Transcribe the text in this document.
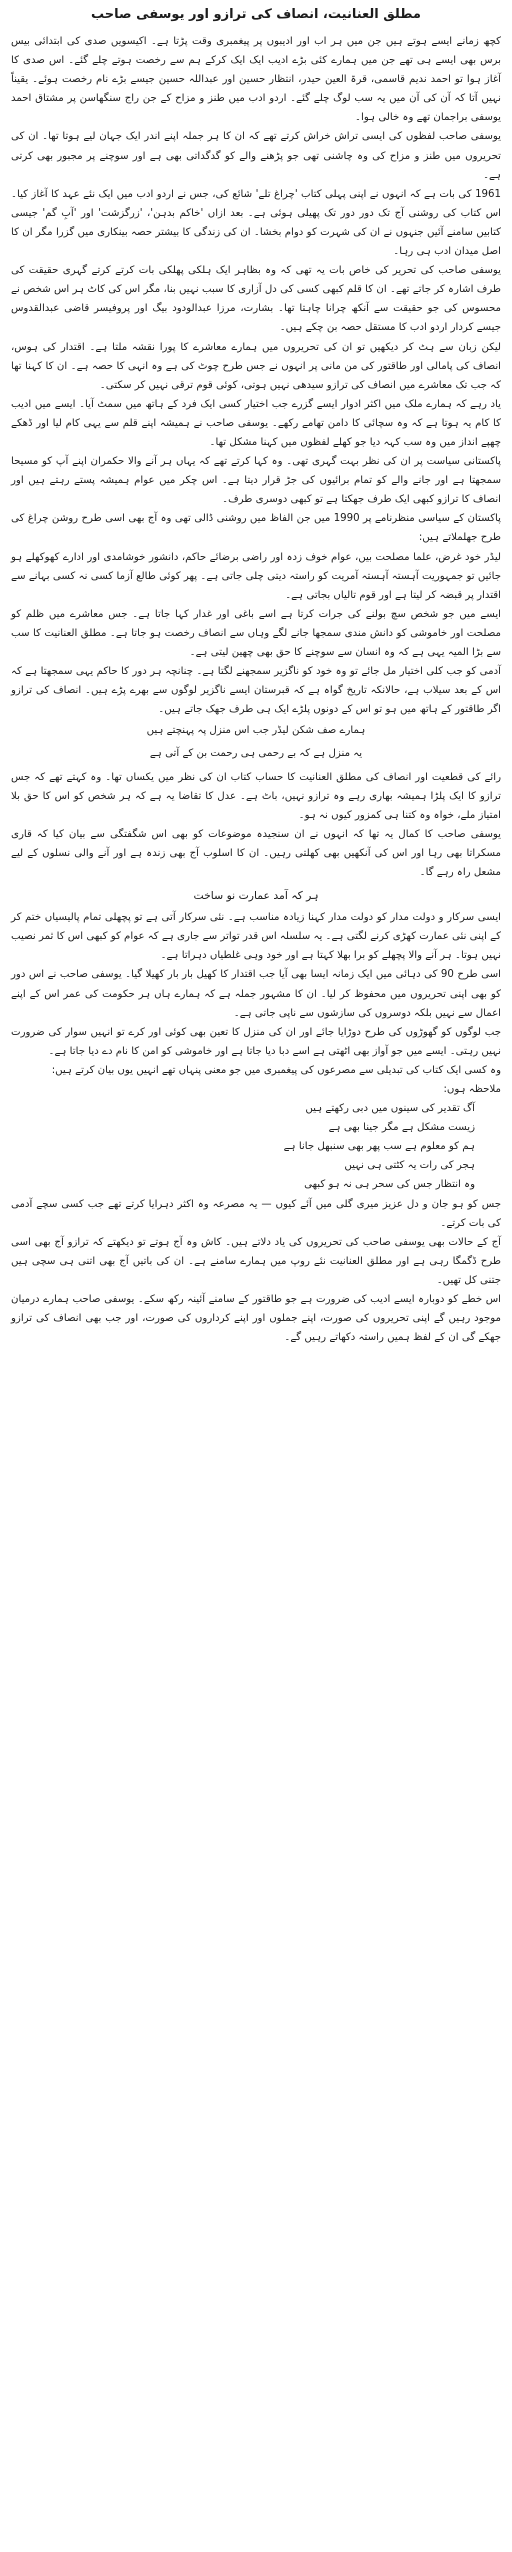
مطلق العنانیت، انصاف کی ترازو اور یوسفی صاحب

کچھ زمانے ایسے ہوتے ہیں جن میں ہر اب اور ادیبوں پر پیغمبری وقت پڑتا ہے۔ اکیسویں صدی کی ابتدائی بیس برس بھی ایسے ہی تھے جن میں ہمارے کئی بڑے ادیب ایک ایک کرکے ہم سے رخصت ہوتے چلے گئے۔ اس صدی کا آغاز ہوا تو احمد ندیم قاسمی، قرۃ العین حیدر، انتظار حسین اور عبداللہ حسین جیسے بڑے نام رخصت ہوئے۔ یقیناً نہیں آتا کہ آن کی آن میں یہ سب لوگ چلے گئے۔ اردو ادب میں طنز و مزاح کے جن راج سنگھاسن پر مشتاق احمد یوسفی براجمان تھے وہ خالی ہوا۔

یوسفی صاحب لفظوں کی ایسی تراش خراش کرتے تھے کہ ان کا ہر جملہ اپنے اندر ایک جہان لیے ہوتا تھا۔ ان کی تحریروں میں طنز و مزاح کی وہ چاشنی تھی جو پڑھنے والے کو گدگداتی بھی ہے اور سوچنے پر مجبور بھی کرتی ہے۔

1961 کی بات ہے کہ انہوں نے اپنی پہلی کتاب 'چراغ تلے' شائع کی، جس نے اردو ادب میں ایک نئے عہد کا آغاز کیا۔ اس کتاب کی روشنی آج تک دور دور تک پھیلی ہوئی ہے۔ بعد ازاں 'خاکم بدہن'، 'زرگزشت' اور 'آبِ گم' جیسی کتابیں سامنے آئیں جنہوں نے ان کی شہرت کو دوام بخشا۔ ان کی زندگی کا بیشتر حصہ بینکاری میں گزرا مگر ان کا اصل میدان ادب ہی رہا۔

یوسفی صاحب کی تحریر کی خاص بات یہ تھی کہ وہ بظاہر ایک ہلکی پھلکی بات کرتے کرتے گہری حقیقت کی طرف اشارہ کر جاتے تھے۔ ان کا قلم کبھی کسی کی دل آزاری کا سبب نہیں بنا، مگر اس کی کاٹ ہر اس شخص نے محسوس کی جو حقیقت سے آنکھ چرانا چاہتا تھا۔ بشارت، مرزا عبدالودود بیگ اور پروفیسر قاضی عبدالقدوس جیسے کردار اردو ادب کا مستقل حصہ بن چکے ہیں۔

لیکن زبان سے ہٹ کر دیکھیں تو ان کی تحریروں میں ہمارے معاشرے کا پورا نقشہ ملتا ہے۔ اقتدار کی ہوس، انصاف کی پامالی اور طاقتور کی من مانی پر انہوں نے جس طرح چوٹ کی ہے وہ انہی کا حصہ ہے۔ ان کا کہنا تھا کہ جب تک معاشرے میں انصاف کی ترازو سیدھی نہیں ہوتی، کوئی قوم ترقی نہیں کر سکتی۔

یاد رہے کہ ہمارے ملک میں اکثر ادوار ایسے گزرے جب اختیار کسی ایک فرد کے ہاتھ میں سمٹ آیا۔ ایسے میں ادیب کا کام یہ ہوتا ہے کہ وہ سچائی کا دامن تھامے رکھے۔ یوسفی صاحب نے ہمیشہ اپنے قلم سے یہی کام لیا اور ڈھکے چھپے انداز میں وہ سب کہہ دیا جو کھلے لفظوں میں کہنا مشکل تھا۔

پاکستانی سیاست پر ان کی نظر بہت گہری تھی۔ وہ کہا کرتے تھے کہ یہاں ہر آنے والا حکمران اپنے آپ کو مسیحا سمجھتا ہے اور جانے والے کو تمام برائیوں کی جڑ قرار دیتا ہے۔ اس چکر میں عوام ہمیشہ پستے رہتے ہیں اور انصاف کا ترازو کبھی ایک طرف جھکتا ہے تو کبھی دوسری طرف۔

پاکستان کے سیاسی منظرنامے پر 1990 میں جن الفاظ میں روشنی ڈالی تھی وہ آج بھی اسی طرح روشن چراغ کی طرح جھلملاتے ہیں:

لیڈر خود غرض، علما مصلحت بیں، عوام خوف زدہ اور راضی برضائے حاکم، دانشور خوشامدی اور ادارے کھوکھلے ہو جائیں تو جمہوریت آہستہ آہستہ آمریت کو راستہ دیتی چلی جاتی ہے۔ پھر کوئی طالع آزما کسی نہ کسی بہانے سے اقتدار پر قبضہ کر لیتا ہے اور قوم تالیاں بجاتی ہے۔

ایسے میں جو شخص سچ بولنے کی جرات کرتا ہے اسے باغی اور غدار کہا جاتا ہے۔ جس معاشرے میں ظلم کو مصلحت اور خاموشی کو دانش مندی سمجھا جانے لگے وہاں سے انصاف رخصت ہو جاتا ہے۔ مطلق العنانیت کا سب سے بڑا المیہ یہی ہے کہ وہ انسان سے سوچنے کا حق بھی چھین لیتی ہے۔

آدمی کو جب کلی اختیار مل جائے تو وہ خود کو ناگزیر سمجھنے لگتا ہے۔ چنانچہ ہر دور کا حاکم یہی سمجھتا ہے کہ اس کے بعد سیلاب ہے، حالانکہ تاریخ گواہ ہے کہ قبرستان ایسے ناگزیر لوگوں سے بھرے پڑے ہیں۔ انصاف کی ترازو اگر طاقتور کے ہاتھ میں ہو تو اس کے دونوں پلڑے ایک ہی طرف جھک جاتے ہیں۔

ہمارے صف شکن لیڈر جب اس منزل پہ پہنچتے ہیں
یہ منزل ہے کہ بے رحمی ہی رحمت بن کے آتی ہے

رائے کی قطعیت اور انصاف کی مطلق العنانیت کا حساب کتاب ان کی نظر میں یکساں تھا۔ وہ کہتے تھے کہ جس ترازو کا ایک پلڑا ہمیشہ بھاری رہے وہ ترازو نہیں، باٹ ہے۔ عدل کا تقاضا یہ ہے کہ ہر شخص کو اس کا حق بلا امتیاز ملے، خواہ وہ کتنا ہی کمزور کیوں نہ ہو۔

یوسفی صاحب کا کمال یہ تھا کہ انہوں نے ان سنجیدہ موضوعات کو بھی اس شگفتگی سے بیان کیا کہ قاری مسکراتا بھی رہا اور اس کی آنکھیں بھی کھلتی رہیں۔ ان کا اسلوب آج بھی زندہ ہے اور آنے والی نسلوں کے لیے مشعل راہ رہے گا۔

ہر کہ آمد عمارت نو ساخت

ایسی سرکار و دولت مدار کو دولت مدار کہنا زیادہ مناسب ہے۔ نئی سرکار آتی ہے تو پچھلی تمام پالیسیاں ختم کر کے اپنی نئی عمارت کھڑی کرنے لگتی ہے۔ یہ سلسلہ اس قدر تواتر سے جاری ہے کہ عوام کو کبھی اس کا ثمر نصیب نہیں ہوتا۔ ہر آنے والا پچھلے کو برا بھلا کہتا ہے اور خود وہی غلطیاں دہراتا ہے۔

اسی طرح 90 کی دہائی میں ایک زمانہ ایسا بھی آیا جب اقتدار کا کھیل بار بار کھیلا گیا۔ یوسفی صاحب نے اس دور کو بھی اپنی تحریروں میں محفوظ کر لیا۔ ان کا مشہور جملہ ہے کہ ہمارے ہاں ہر حکومت کی عمر اس کے اپنے اعمال سے نہیں بلکہ دوسروں کی سازشوں سے ناپی جاتی ہے۔

جب لوگوں کو گھوڑوں کی طرح دوڑایا جائے اور ان کی منزل کا تعین بھی کوئی اور کرے تو انہیں سوار کی ضرورت نہیں رہتی۔ ایسے میں جو آواز بھی اٹھتی ہے اسے دبا دیا جاتا ہے اور خاموشی کو امن کا نام دے دیا جاتا ہے۔

وہ کسی ایک کتاب کی تبدیلی سے مصرعوں کی پیغمبری میں جو معنی پنہاں تھے انہیں یوں بیان کرتے ہیں:

ملاحظہ ہوں:
آگ تقدیر کی سینوں میں دبی رکھتے ہیں
زیست مشکل ہے مگر جینا بھی ہے
ہم کو معلوم ہے سب پھر بھی سنبھل جانا ہے
ہجر کی رات یہ کٹتی ہی نہیں
وہ انتظار جس کی سحر ہی نہ ہو کبھی

جس کو ہو جان و دل عزیز میری گلی میں آئے کیوں — یہ مصرعہ وہ اکثر دہرایا کرتے تھے جب کسی سچے آدمی کی بات کرتے۔

آج کے حالات بھی یوسفی صاحب کی تحریروں کی یاد دلاتے ہیں۔ کاش وہ آج ہوتے تو دیکھتے کہ ترازو آج بھی اسی طرح ڈگمگا رہی ہے اور مطلق العنانیت نئے روپ میں ہمارے سامنے ہے۔ ان کی باتیں آج بھی اتنی ہی سچی ہیں جتنی کل تھیں۔

اس خطے کو دوبارہ ایسے ادیب کی ضرورت ہے جو طاقتور کے سامنے آئینہ رکھ سکے۔ یوسفی صاحب ہمارے درمیان موجود رہیں گے اپنی تحریروں کی صورت، اپنے جملوں اور اپنے کرداروں کی صورت، اور جب بھی انصاف کی ترازو جھکے گی ان کے لفظ ہمیں راستہ دکھاتے رہیں گے۔
